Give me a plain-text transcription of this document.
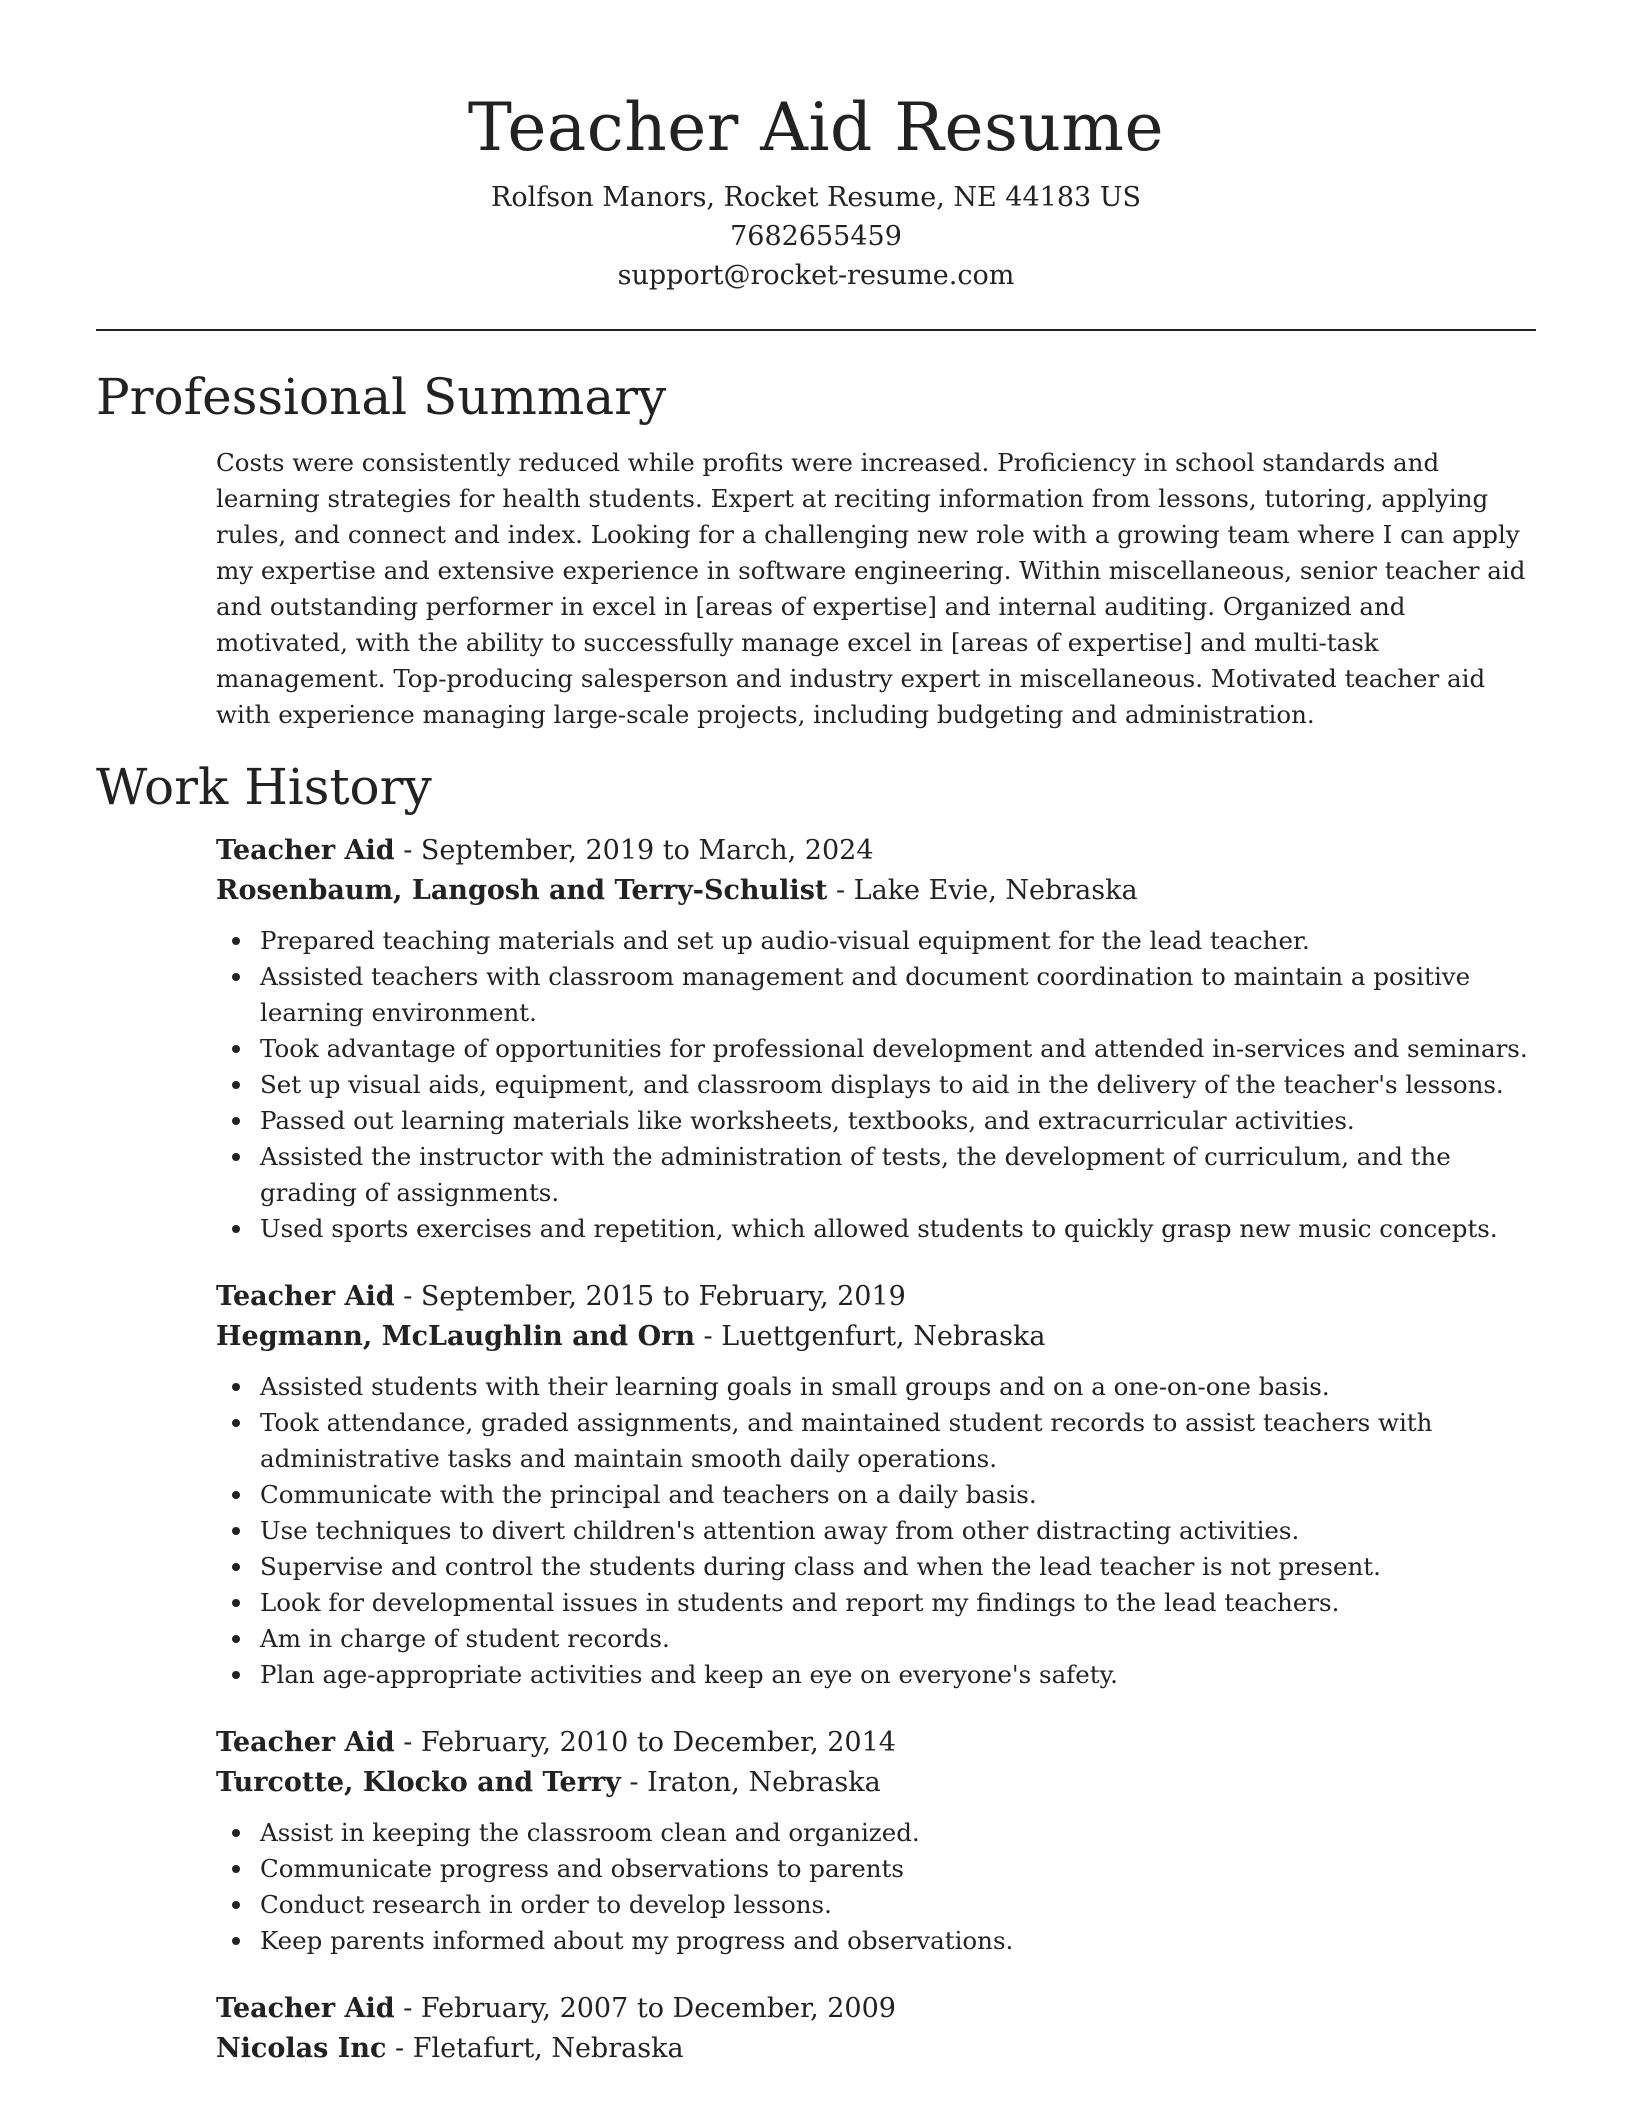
Teacher Aid Resume
Rolfson Manors, Rocket Resume, NE 44183 US
7682655459
support@rocket-resume.com
Professional Summary

Costs were consistently reduced while profits were increased. Proficiency in school standards and learning strategies for health students. Expert at reciting information from lessons, tutoring, applying rules, and connect and index. Looking for a challenging new role with a growing team where I can apply my expertise and extensive experience in software engineering. Within miscellaneous, senior teacher aid and outstanding performer in excel in [areas of expertise] and internal auditing. Organized and motivated, with the ability to successfully manage excel in [areas of expertise] and multi-task management. Top-producing salesperson and industry expert in miscellaneous. Motivated teacher aid with experience managing large-scale projects, including budgeting and administration.

Work History
Teacher Aid - September, 2019 to March, 2024
Rosenbaum, Langosh and Terry-Schulist - Lake Evie, Nebraska
Prepared teaching materials and set up audio-visual equipment for the lead teacher.
Assisted teachers with classroom management and document coordination to maintain a positive learning environment.
Took advantage of opportunities for professional development and attended in-services and seminars.
Set up visual aids, equipment, and classroom displays to aid in the delivery of the teacher's lessons.
Passed out learning materials like worksheets, textbooks, and extracurricular activities.
Assisted the instructor with the administration of tests, the development of curriculum, and the grading of assignments.
Used sports exercises and repetition, which allowed students to quickly grasp new music concepts.
Teacher Aid - September, 2015 to February, 2019
Hegmann, McLaughlin and Orn - Luettgenfurt, Nebraska
Assisted students with their learning goals in small groups and on a one-on-one basis.
Took attendance, graded assignments, and maintained student records to assist teachers with administrative tasks and maintain smooth daily operations.
Communicate with the principal and teachers on a daily basis.
Use techniques to divert children's attention away from other distracting activities.
Supervise and control the students during class and when the lead teacher is not present.
Look for developmental issues in students and report my findings to the lead teachers.
Am in charge of student records.
Plan age-appropriate activities and keep an eye on everyone's safety.
Teacher Aid - February, 2010 to December, 2014
Turcotte, Klocko and Terry - Iraton, Nebraska
Assist in keeping the classroom clean and organized.
Communicate progress and observations to parents
Conduct research in order to develop lessons.
Keep parents informed about my progress and observations.
Teacher Aid - February, 2007 to December, 2009
Nicolas Inc - Fletafurt, Nebraska
